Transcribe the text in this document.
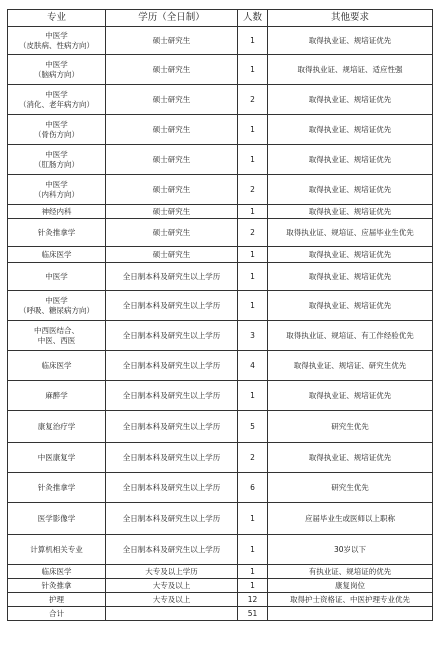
专业	学历（全日制）	人数	其他要求

中医学
（皮肤病、性病方向）	硕士研究生	1	取得执业证、规培证优先

中医学
（脑病方向）	硕士研究生	1	取得执业证、规培证、适应性强

中医学
（消化、老年病方向）	硕士研究生	2	取得执业证、规培证优先

中医学
（骨伤方向）	硕士研究生	1	取得执业证、规培证优先

中医学
（肛肠方向）	硕士研究生	1	取得执业证、规培证优先

中医学
（内科方向）	硕士研究生	2	取得执业证、规培证优先

神经内科	硕士研究生	1	取得执业证、规培证优先

针灸推拿学	硕士研究生	2	取得执业证、规培证、应届毕业生优先

临床医学	硕士研究生	1	取得执业证、规培证优先

中医学	全日制本科及研究生以上学历	1	取得执业证、规培证优先

中医学
（呼吸、糖尿病方向）	全日制本科及研究生以上学历	1	取得执业证、规培证优先

中西医结合、
中医、西医	全日制本科及研究生以上学历	3	取得执业证、规培证、有工作经验优先

临床医学	全日制本科及研究生以上学历	4	取得执业证、规培证、研究生优先

麻醉学	全日制本科及研究生以上学历	1	取得执业证、规培证优先

康复治疗学	全日制本科及研究生以上学历	5	研究生优先

中医康复学	全日制本科及研究生以上学历	2	取得执业证、规培证优先

针灸推拿学	全日制本科及研究生以上学历	6	研究生优先

医学影像学	全日制本科及研究生以上学历	1	应届毕业生或医师以上职称

计算机相关专业	全日制本科及研究生以上学历	1	30岁以下

临床医学	大专及以上学历	1	有执业证、规培证的优先

针灸推拿	大专及以上	1	康复岗位

护理	大专及以上	12	取得护士资格证、中医护理专业优先
合计		51	
